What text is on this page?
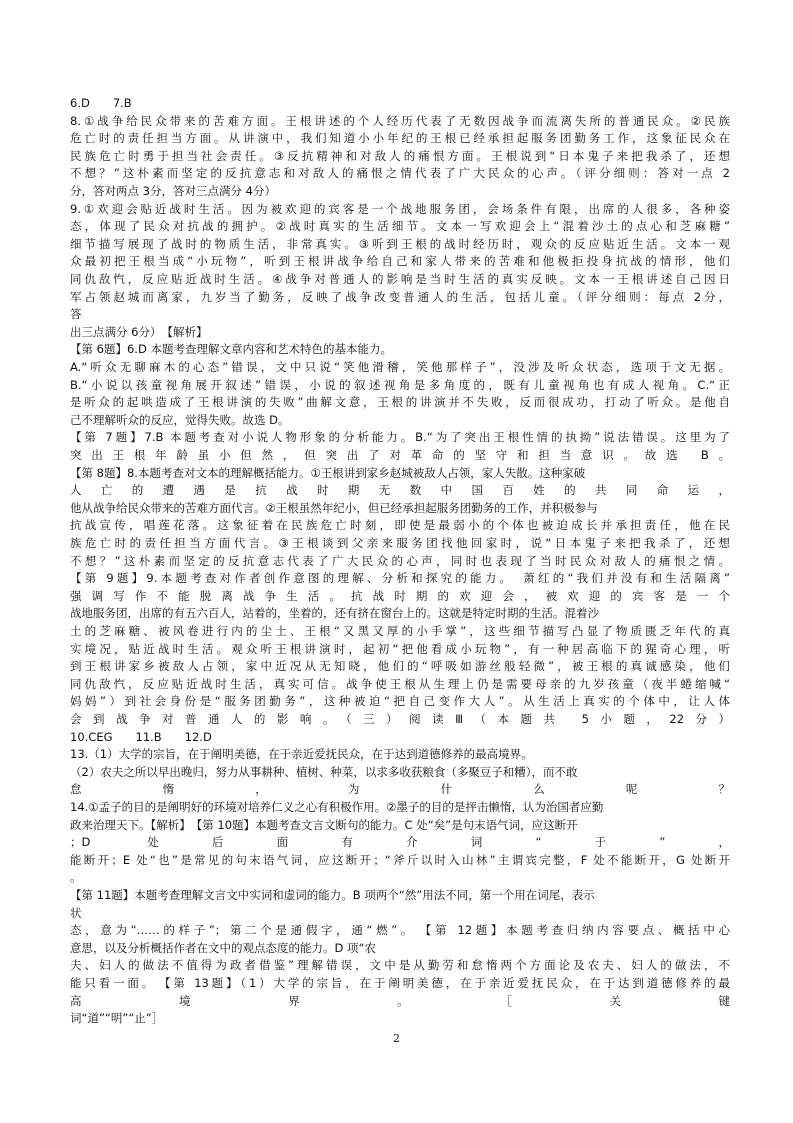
6.D　　7.B
8.①战争给民众带来的苦难方面。王根讲述的个人经历代表了无数因战争而流离失所的普通民众。②民族
危亡时的责任担当方面。从讲演中，我们知道小小年纪的王根已经承担起服务团勤务工作，这象征民众在
民族危亡时勇于担当社会责任。③反抗精神和对敌人的痛恨方面。王根说到“日本鬼子来把我杀了，还想
不想？”这朴素而坚定的反抗意志和对敌人的痛恨之情代表了广大民众的心声。（评分细则：答对一点 2
分，答对两点 3分，答对三点满分 4分）
9.①欢迎会贴近战时生活。因为被欢迎的宾客是一个战地服务团，会场条件有限，出席的人很多，各种姿
态，体现了民众对抗战的拥护。②战时真实的生活细节。文本一写欢迎会上“混着沙土的点心和芝麻糖”
细节描写展现了战时的物质生活，非常真实。③听到王根的战时经历时，观众的反应贴近生活。文本一观
众最初把王根当成“小玩物”，听到王根讲战争给自己和家人带来的苦难和他极拒投身抗战的情形，他们
同仇敌忾，反应贴近战时生活。④战争对普通人的影响是当时生活的真实反映。文本一王根讲述自己因日
军占领赵城而离家，九岁当了勤务，反映了战争改变普通人的生活，包括儿童。（评分细则：每点 2分，
答
出三点满分 6分）　【解析】
【第 6题】6.D 本题考查理解文章内容和艺术特色的基本能力。
A.“听众无聊麻木的心态”错误，文中只说“笑他滑稽，笑他那样子”，没涉及听众状态，选项于文无据。
B.“小说以孩童视角展开叙述”错误，小说的叙述视角是多角度的，既有儿童视角也有成人视角。C.“正
是听众的起哄造成了王根讲演的失败”曲解文意，王根的讲演并不失败，反而很成功，打动了听众。是他自
己不理解听众的反应，觉得失败。故选 D。
【第 7题】7.B 本题考查对小说人物形象的分析能力。B.“为了突出王根性情的执拗”说法错误。这里为了
突出王根年龄虽小但然，但突出了对革命的坚守和担当意识。故选 B。
【第 8题】8.本题考查对文本的理解概括能力。①王根讲到家乡赵城被敌人占领，家人失散。这种家破
人亡的遭遇是抗战时期无数中国百姓的共同命运，
他从战争给民众带来的苦难方面代言。②王根虽然年纪小，但已经承担起服务团勤务的工作，并积极参与
抗战宣传，唱莲花落。这象征着在民族危亡时刻，即使是最弱小的个体也被迫成长并承担责任，他在民
族危亡时的责任担当方面代言。③王根谈到父亲来服务团找他回家时，说“日本鬼子来把我杀了，还想
不想？”这朴素而坚定的反抗意志代表了广大民众的心声，同时也表现了当时民众对敌人的痛恨之情。
【第 9题】9.本题考查对作者创作意图的理解、分析和探究的能力。　萧红的“我们并没有和生活隔离”
强调写作不能脱离战争生活。抗战时期的欢迎会，被欢迎的宾客是一个
战地服务团，出席的有五六百人，站着的，坐着的，还有挤在窗台上的。这就是特定时期的生活。混着沙
土的芝麻糖、被风卷进行内的尘土、王根“又黑又厚的小手掌”，这些细节描写凸显了物质匮乏年代的真
实境况，贴近战时生活。观众听王根讲演时，起初“把他看成小玩物”，有一种居高临下的猩奇心理，听
到王根讲家乡被敌人占领，家中近况从无知晓，他们的“呼吸如游丝般轻微”，被王根的真诚感染，他们
同仇敌忾，反应贴近战时生活，真实可信。战争使王根从生理上仍是需要母亲的九岁孩童（夜半蜷缩喊“
妈妈”）到社会身份是“服务团勤务”，这种被迫“把自己变作大人”。从生活上真实的个体中，让人体
会到战争对普通人的影响。（三）阅读Ⅲ（本题共 5小题，22分）
10.CEG　　11.B　　12.D
13.（1）大学的宗旨，在于阐明美德，在于亲近爱抚民众，在于达到道德修养的最高境界。
（2）农夫之所以早出晚归，努力从事耕种、植树、种菜，以求多收获粮食（多聚豆子和糟），而不敢
怠惰，为什么呢？
14.①孟子的目的是阐明好的环境对培养仁义之心有积极作用。②墨子的目的是抨击懒惰，认为治国者应勤
政来治理天下。【解析】　【第 10题】本题考查文言文断句的能力。C 处“矣”是句末语气词，应这断开
；D 处后面有介词“于”，
能断开；E 处“也”是常见的句末语气词，应这断开；“斧斤以时入山林”主谓宾完整，F 处不能断开，G 处断开
。
【第 11题】本题考查理解文言文中实词和虚词的能力。B 项两个“然”用法不同，第一个用在词尾，表示
状
态，意为“……的样子”；第二个是通假字，通“燃”。　【第 12题】本题考查归纳内容要点、概括中心
意思，以及分析概括作者在文中的观点态度的能力。D 项“农
夫、妇人的做法不值得为政者借鉴”理解错误，文中是从勤劳和怠惰两个方面论及农夫、妇人的做法，不
能只看一面。　【第 13题】（1）大学的宗旨，在于阐明美德，在于亲近爱抚民众，在于达到道德修养的最
高境界。［关键
词“道”“明”“止”］
2
